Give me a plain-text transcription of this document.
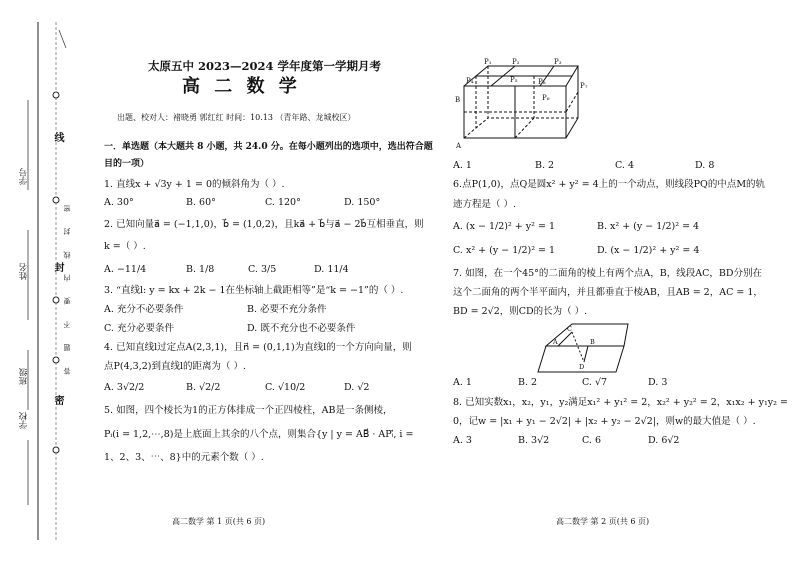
学号
姓名
班级
学校
线
封
密
答 题 不 要 内 线 封 密
太原五中 2023—2024 学年度第一学期月考
高 二 数 学
出题、校对人：褚晓勇 郭红红 时间：10.13 （青年路、龙城校区）
一．单选题（本大题共 8 小题，共 24.0 分。在每小题列出的选项中，选出符合题
目的一项）
1. 直线x + √3y + 1 = 0的倾斜角为（ ）.
A. 30°	B. 60°	C. 120°	D. 150°
2. 已知向量a⃗ = (−1,1,0)，b⃗ = (1,0,2)，且ka⃗ + b⃗与a⃗ − 2b⃗互相垂直，则
k =（ ）.
A. −11/4	B. 1/8	C. 3/5	D. 11/4
3. “直线l: y = kx + 2k − 1在坐标轴上截距相等”是“k = −1”的（ ）.
A. 充分不必要条件	B. 必要不充分条件
C. 充分必要条件	D. 既不充分也不必要条件
4. 已知直线l过定点A(2,3,1)，且n⃗ = (0,1,1)为直线l的一个方向向量，则
点P(4,3,2)到直线l的距离为（ ）.
A. 3√2/2	B. √2/2	C. √10/2	D. √2
5. 如图，四个棱长为1的正方体排成一个正四棱柱，AB是一条侧棱，
Pᵢ(i = 1,2,⋯,8)是上底面上其余的八个点，则集合{y | y = AB⃗ · APᵢ⃗, i =
1、2、3、⋯、8}中的元素个数（ ）.
高二数学 第 1 页(共 6 页)
P₁	P₂	P₃
P₄	P₅
P₆
P₇
P₈
B
A
A. 1	B. 2	C. 4	D. 8
6.点P(1,0)，点Q是圆x² + y² = 4上的一个动点，则线段PQ的中点M的轨
迹方程是（ ）.
A. (x − 1/2)² + y² = 1	B. x² + (y − 1/2)² = 4
C. x² + (y − 1/2)² = 1	D. (x − 1/2)² + y² = 4
7. 如图，在一个45°的二面角的棱上有两个点A，B，线段AC，BD分别在
这个二面角的两个半平面内，并且都垂直于棱AB，且AB = 2，AC = 1，
BD = 2√2，则CD的长为（ ）.
C
A	B
D
A. 1	B. 2	C. √7	D. 3
8. 已知实数x₁，x₂，y₁，y₂满足x₁² + y₁² = 2，x₂² + y₂² = 2，x₁x₂ + y₁y₂ =
0，记w = |x₁ + y₁ − 2√2| + |x₂ + y₂ − 2√2|，则w的最大值是（ ）.
A. 3	B. 3√2	C. 6	D. 6√2
高二数学 第 2 页(共 6 页)
